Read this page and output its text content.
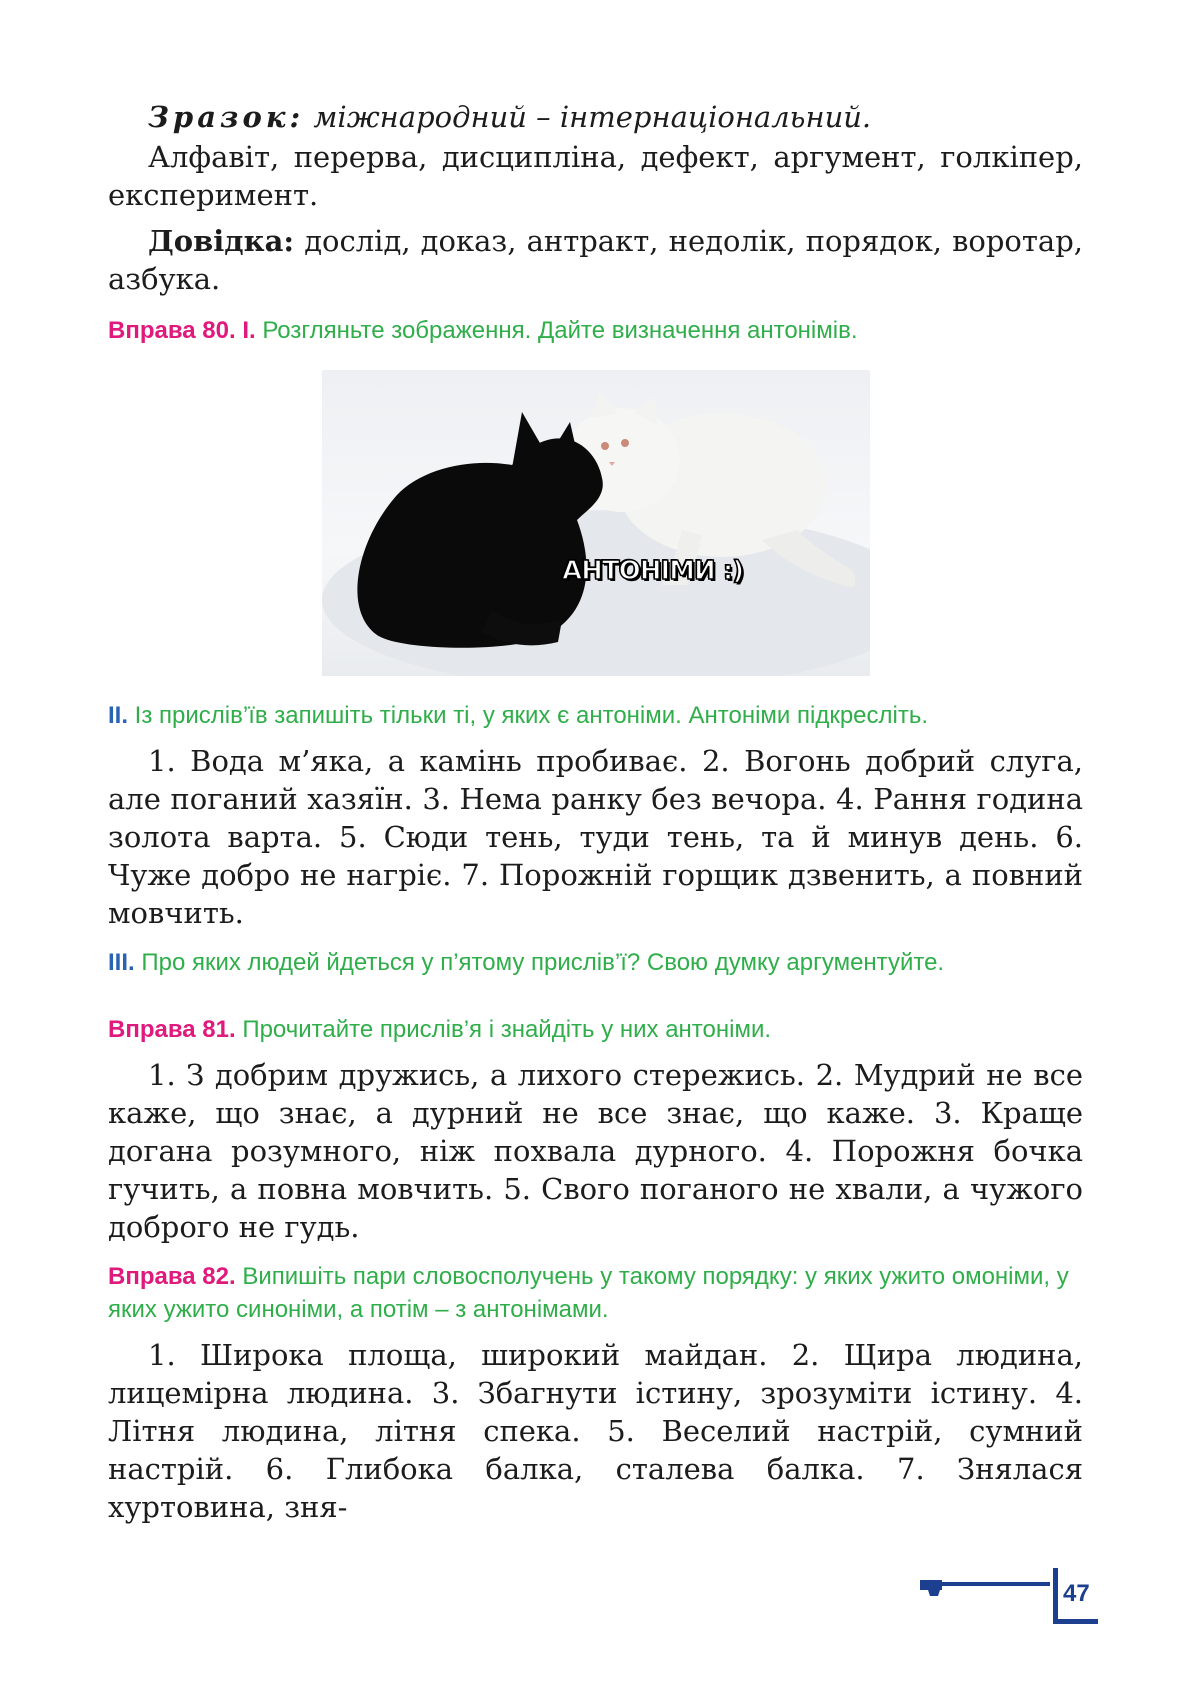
Зразок: міжнародний – інтернаціональний.

Алфавіт, перерва, дисципліна, дефект, аргумент, голкіпер, експеримент.

Довідка: дослід, доказ, антракт, недолік, порядок, воротар, азбука.

Вправа 80. I. Розгляньте зображення. Дайте визначення антонімів.

II. Із прислів’їв запишіть тільки ті, у яких є антоніми. Антоніми підкресліть.

1. Вода м’яка, а камінь пробиває. 2. Вогонь добрий слуга, але поганий хазяїн. 3. Нема ранку без вечора. 4. Рання година золота варта. 5. Сюди тень, туди тень, та й минув день. 6. Чуже добро не нагріє. 7. Порожній горщик дзвенить, а повний мовчить.

III. Про яких людей йдеться у п’ятому прислів’ї? Свою думку аргументуйте.

Вправа 81. Прочитайте прислів’я і знайдіть у них антоніми.

1. З добрим дружись, а лихого стережись. 2. Мудрий не все каже, що знає, а дурний не все знає, що каже. 3. Краще догана розумного, ніж похвала дурного. 4. Порожня бочка гучить, а повна мовчить. 5. Свого поганого не хвали, а чужого доброго не гудь.

Вправа 82. Випишіть пари словосполучень у такому порядку: у яких ужито омоніми, у яких ужито синоніми, а потім – з антонімами.

1. Широка площа, широкий майдан. 2. Щира людина, лицемірна людина. 3. Збагнути істину, зрозуміти істину. 4. Літня людина, літня спека. 5. Веселий настрій, сумний настрій. 6. Глибока балка, сталева балка. 7. Знялася хуртовина, зня-

АНТОНІМИ :)
47
